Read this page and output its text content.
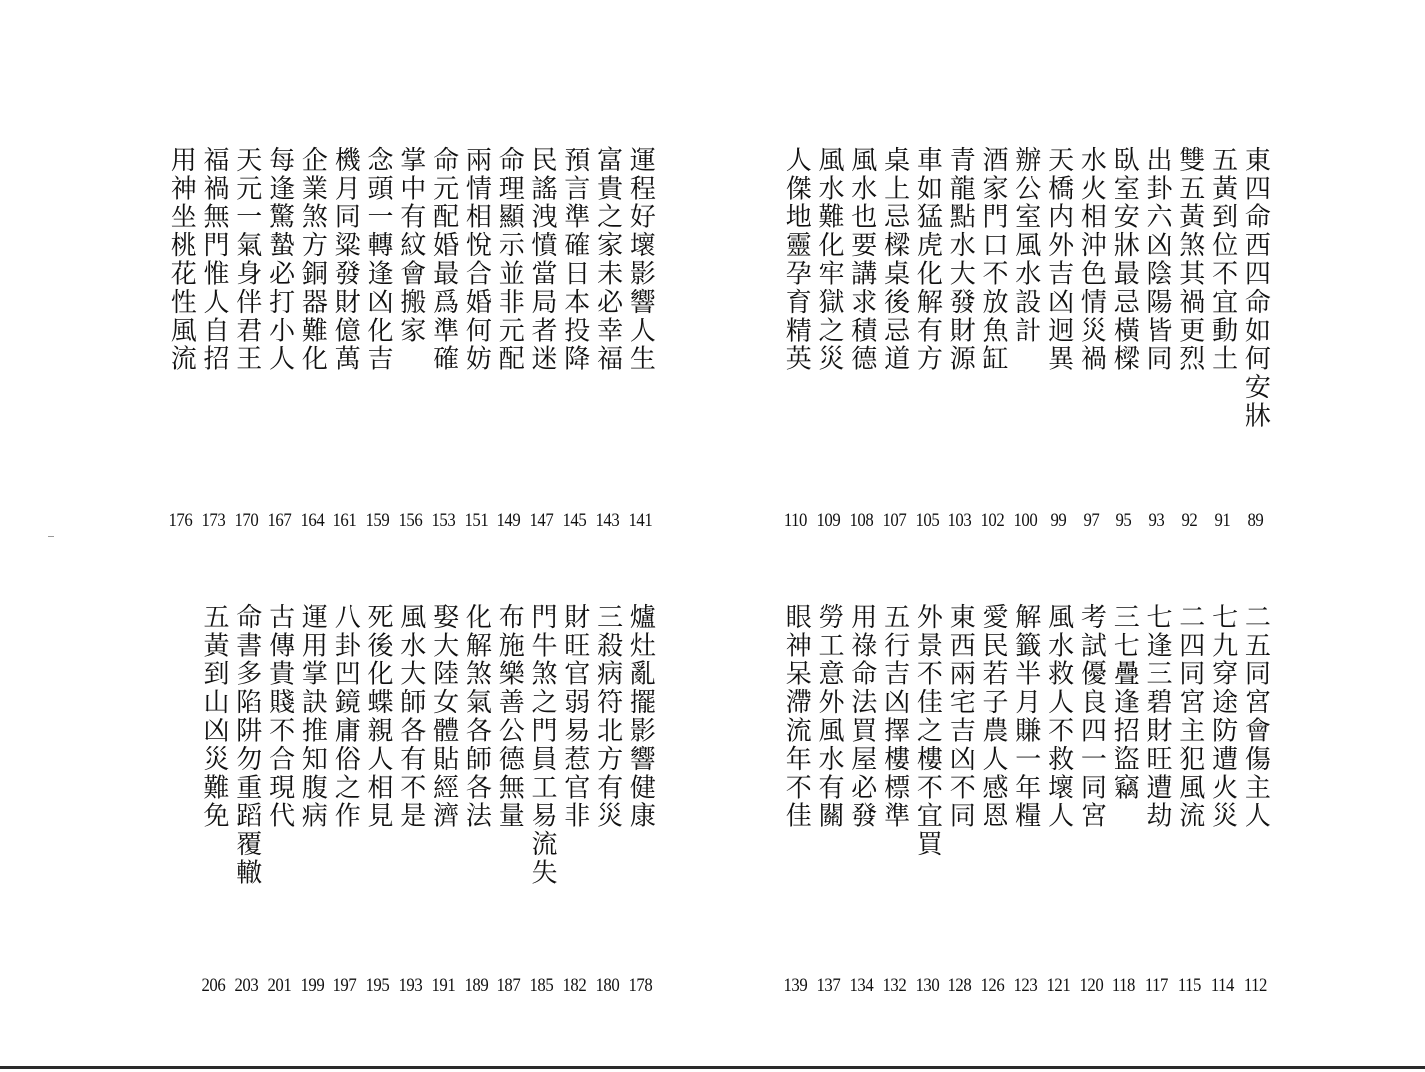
東四命西四命如何安牀
89
五黃到位不宜動土
91
雙五黃煞其禍更烈
92
出卦六凶陰陽皆同
93
臥室安牀最忌橫樑
95
水火相沖色情災禍
97
天橋内外吉凶迥異
99
辦公室風水設計
100
酒家門口不放魚缸
102
青龍點水大發財源
103
車如猛虎化解有方
105
桌上忌樑桌後忌道
107
風水也要講求積德
108
風水難化牢獄之災
109
人傑地靈孕育精英
110
運程好壞影響人生
141
富貴之家未必幸福
143
預言準確日本投降
145
民謠洩憤當局者迷
147
命理顯示並非元配
149
兩情相悅合婚何妨
151
命元配婚最爲準確
153
掌中有紋會搬家
156
念頭一轉逢凶化吉
159
機月同粱發財億萬
161
企業煞方銅器難化
164
每逢驚蟄必打小人
167
天元一氣身伴君王
170
福禍無門惟人自招
173
用神坐桃花性風流
176
二五同宮會傷主人
112
七九穿途防遭火災
114
二四同宮主犯風流
115
七逢三碧財旺遭劫
117
三七疊逢招盜竊
118
考試優良四一同宮
120
風水救人不救壞人
121
解籤半月賺一年糧
123
愛民若子農人感恩
126
東西兩宅吉凶不同
128
外景不佳之樓不宜買
130
五行吉凶擇樓標準
132
用祿命法買屋必發
134
勞工意外風水有關
137
眼神呆滯流年不佳
139
爐灶亂擺影響健康
178
三殺病符北方有災
180
財旺官弱易惹官非
182
門牛煞之門員工易流失
185
布施樂善公德無量
187
化解煞氣各師各法
189
娶大陸女體貼經濟
191
風水大師各有不是
193
死後化蝶親人相見
195
八卦凹鏡庸俗之作
197
運用掌訣推知腹病
199
古傳貴賤不合現代
201
命書多陷阱勿重蹈覆轍
203
五黃到山凶災難免
206
